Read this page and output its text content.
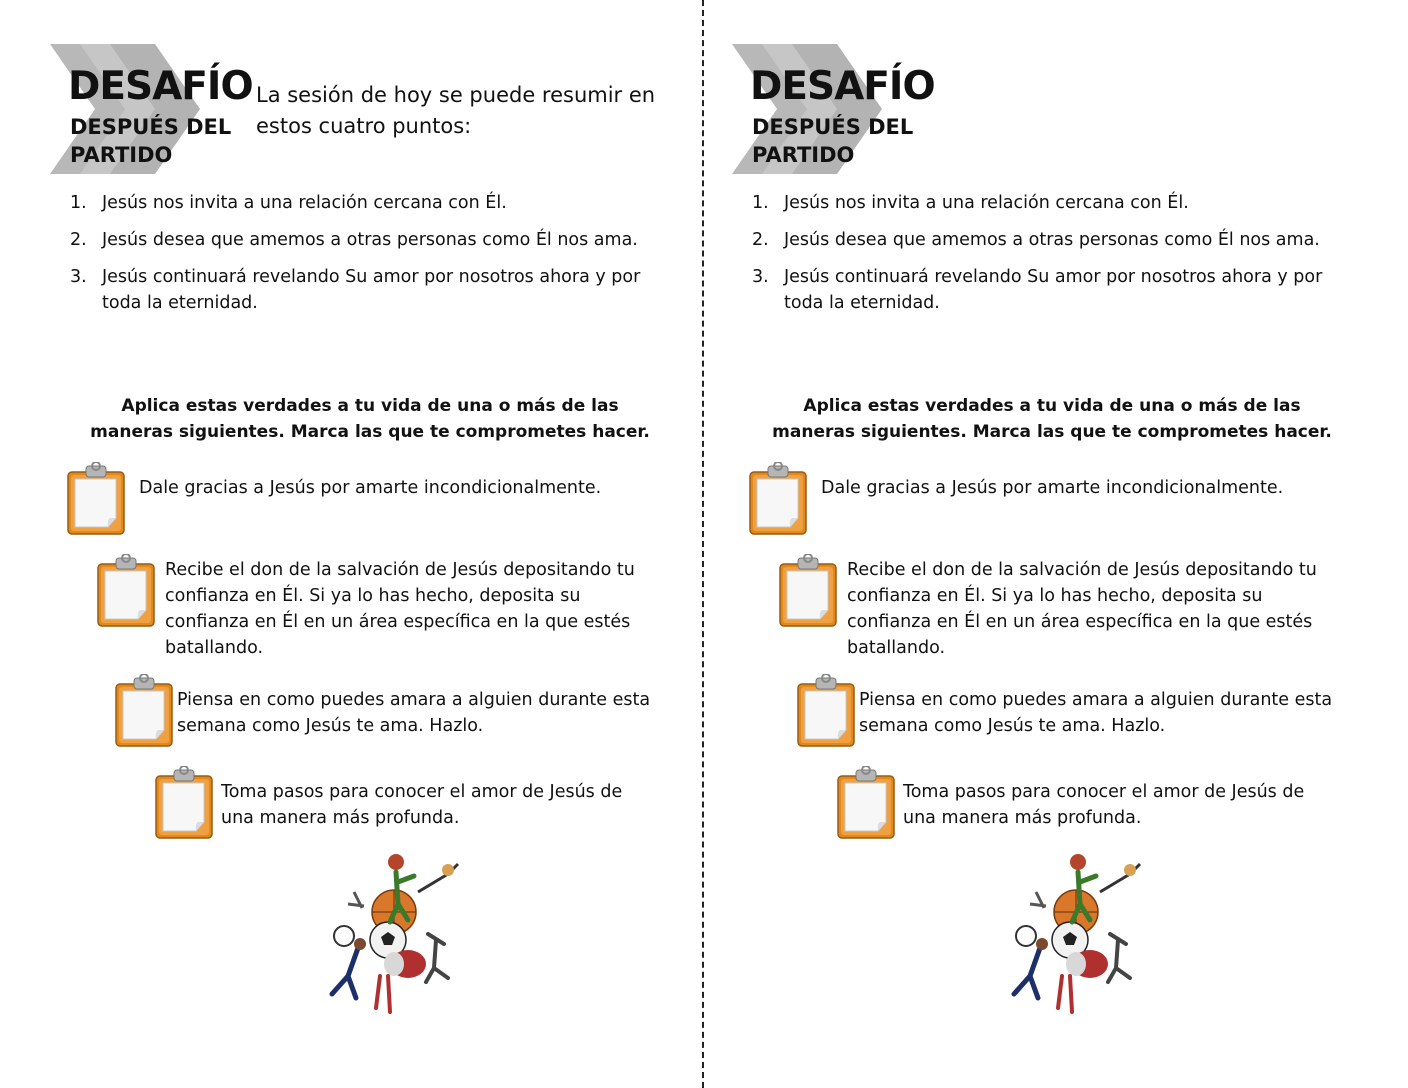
DESAFÍO
DESPUÉS DEL
PARTIDO
La sesión de hoy se puede resumir en estos cuatro puntos:
1. Jesús nos invita a una relación cercana con Él.
2. Jesús desea que amemos a otras personas como Él nos ama.
3. Jesús continuará revelando Su amor por nosotros ahora y por toda la eternidad.
Aplica estas verdades a tu vida de una o más de las maneras siguientes. Marca las que te comprometes hacer.
Dale gracias a Jesús por amarte incondicionalmente.
Recibe el don de la salvación de Jesús depositando tu confianza en Él. Si ya lo has hecho, deposita su confianza en Él en un área específica en la que estés batallando.
Piensa en como puedes amara a alguien durante esta semana como Jesús te ama. Hazlo.
Toma pasos para conocer el amor de Jesús de una manera más profunda.
DESAFÍO
DESPUÉS DEL
PARTIDO
1. Jesús nos invita a una relación cercana con Él.
2. Jesús desea que amemos a otras personas como Él nos ama.
3. Jesús continuará revelando Su amor por nosotros ahora y por toda la eternidad.
Aplica estas verdades a tu vida de una o más de las maneras siguientes. Marca las que te comprometes hacer.
Dale gracias a Jesús por amarte incondicionalmente.
Recibe el don de la salvación de Jesús depositando tu confianza en Él. Si ya lo has hecho, deposita su confianza en Él en un área específica en la que estés batallando.
Piensa en como puedes amara a alguien durante esta semana como Jesús te ama. Hazlo.
Toma pasos para conocer el amor de Jesús de una manera más profunda.
